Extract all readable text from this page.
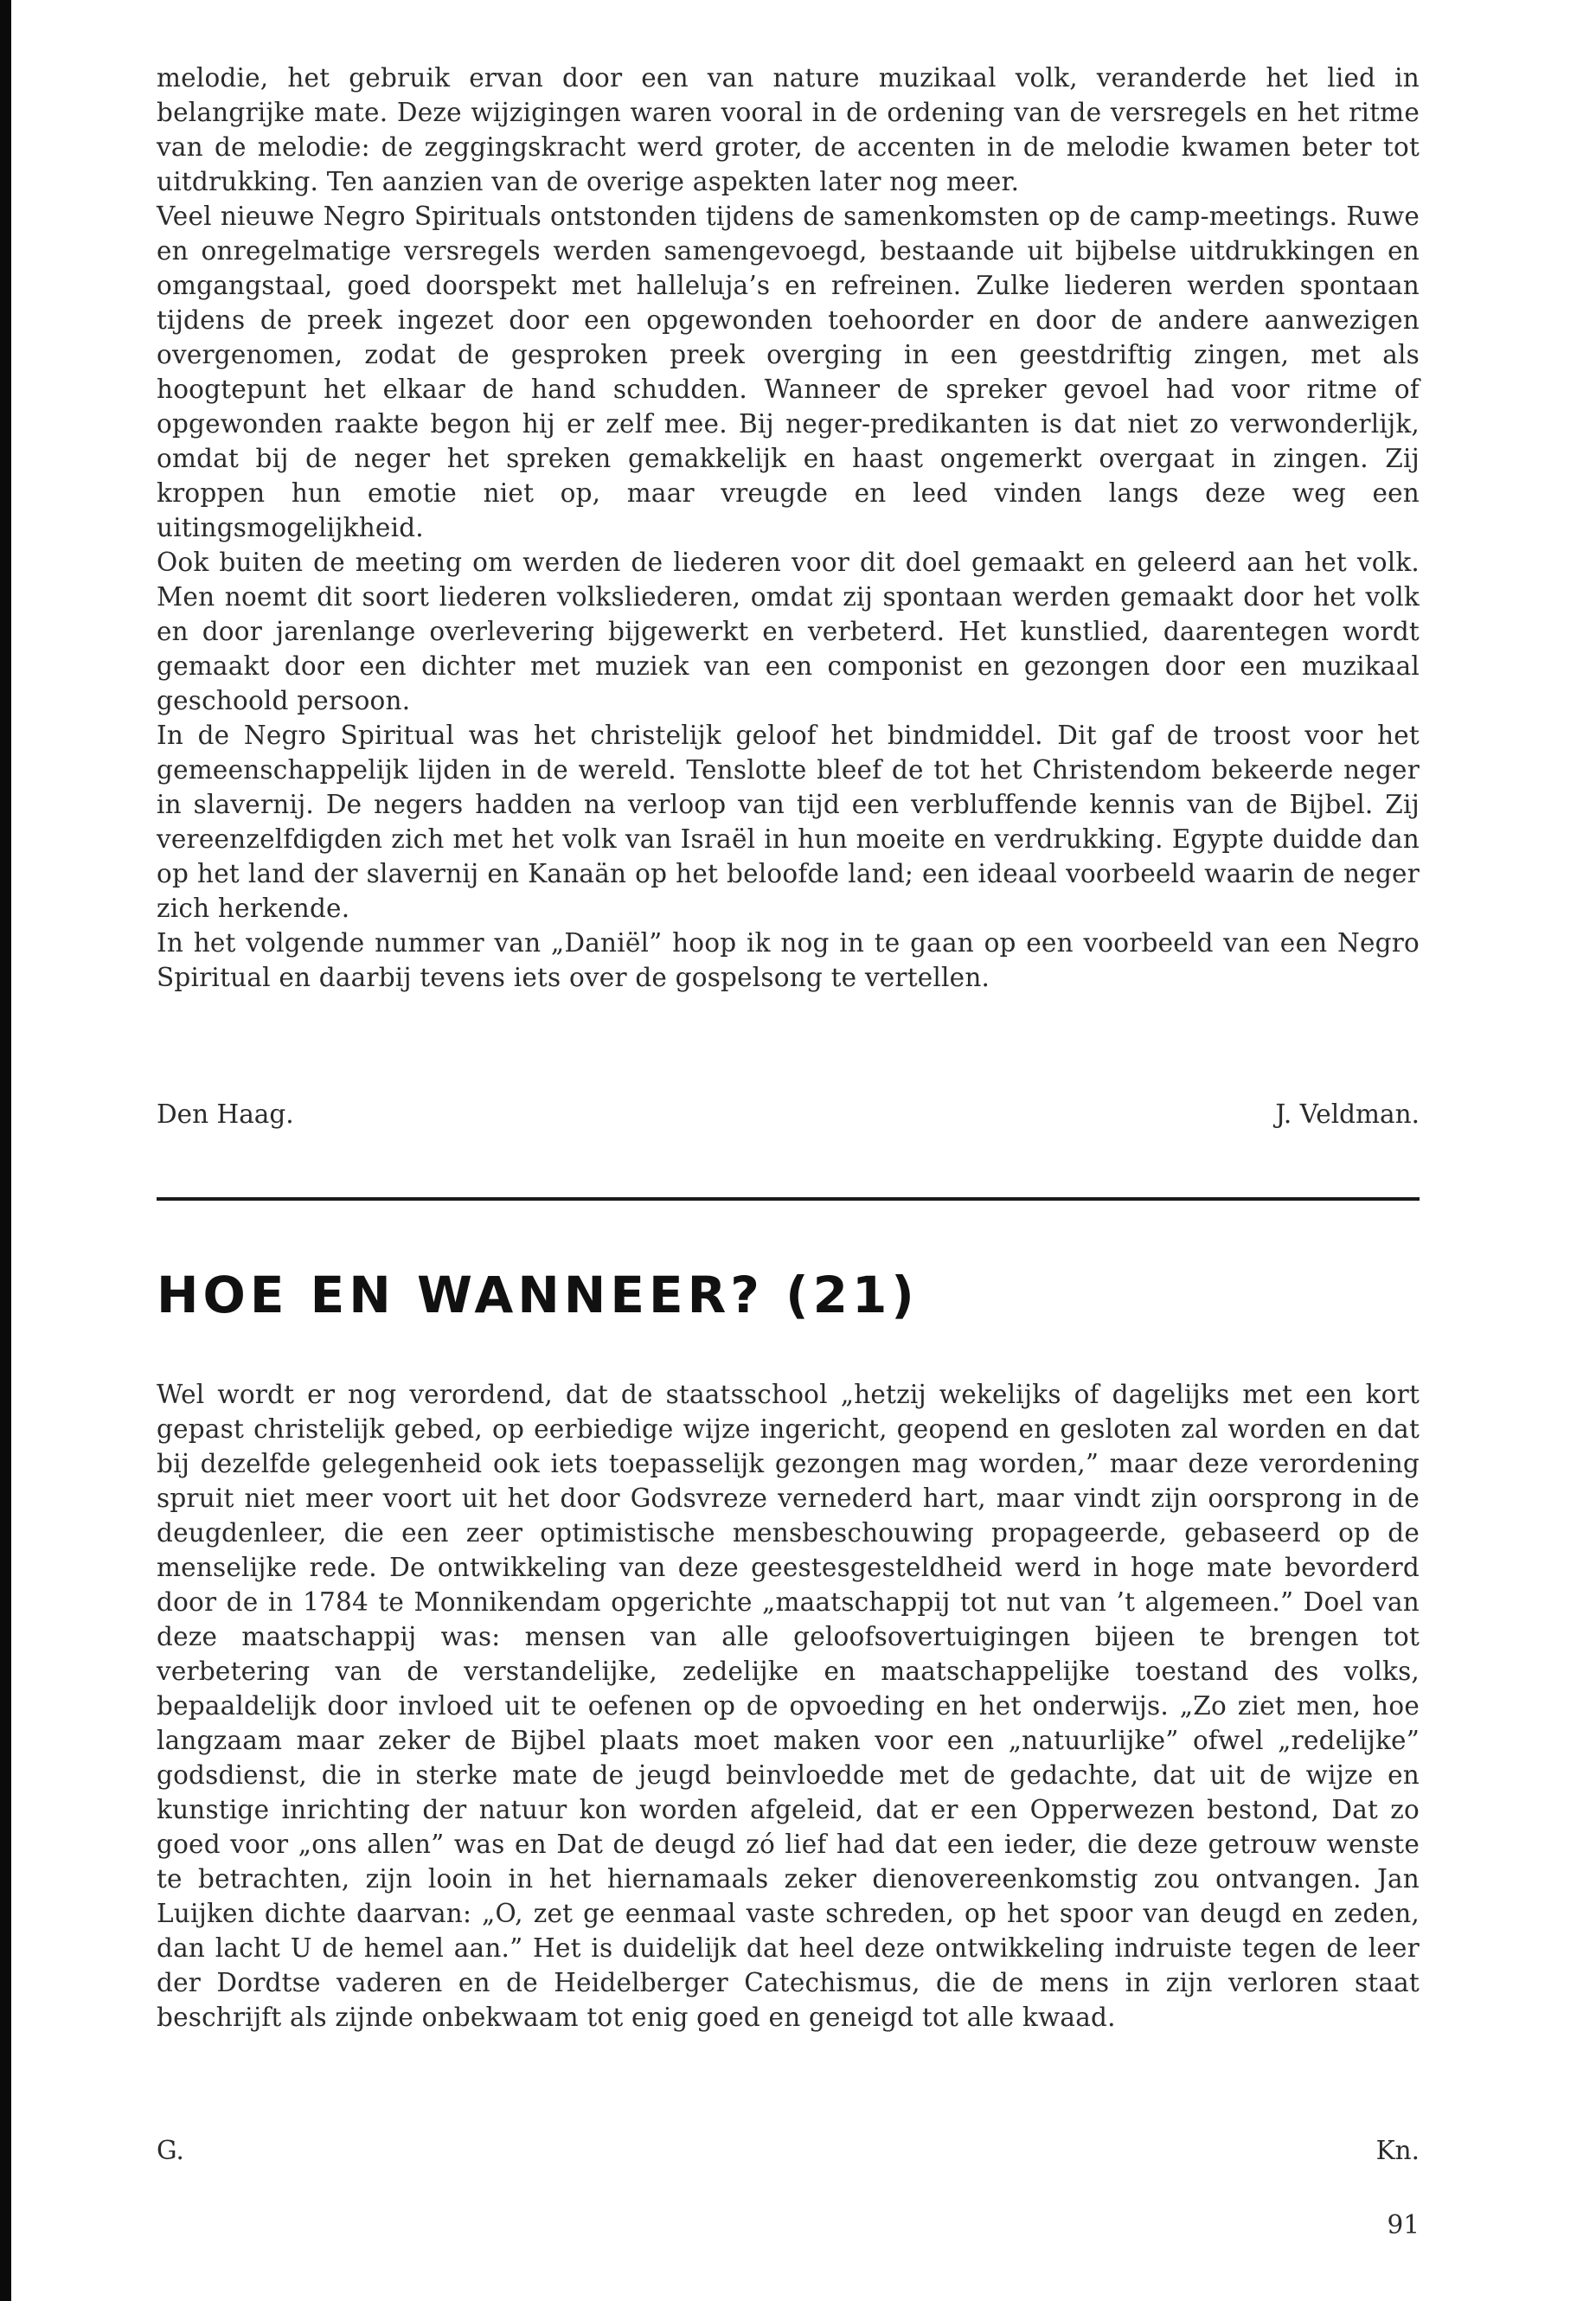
melodie, het gebruik ervan door een van nature muzikaal volk, veranderde het lied in belangrijke mate. Deze wijzigingen waren vooral in de ordening van de versregels en het ritme van de melodie: de zeggingskracht werd groter, de accenten in de melodie kwamen beter tot uitdrukking. Ten aanzien van de overige aspekten later nog meer.

Veel nieuwe Negro Spirituals ontstonden tijdens de samenkomsten op de camp-meetings. Ruwe en onregelmatige versregels werden samengevoegd, bestaande uit bijbelse uitdrukkingen en omgangstaal, goed doorspekt met halleluja’s en refreinen. Zulke liederen werden spontaan tijdens de preek ingezet door een opgewonden toehoorder en door de andere aanwezigen overgenomen, zodat de gesproken preek overging in een geestdriftig zingen, met als hoogtepunt het elkaar de hand schudden. Wanneer de spreker gevoel had voor ritme of opgewonden raakte begon hij er zelf mee. Bij neger-predikanten is dat niet zo verwonderlijk, omdat bij de neger het spreken gemakkelijk en haast ongemerkt overgaat in zingen. Zij kroppen hun emotie niet op, maar vreugde en leed vinden langs deze weg een uitingsmogelijkheid.

Ook buiten de meeting om werden de liederen voor dit doel gemaakt en geleerd aan het volk. Men noemt dit soort liederen volksliederen, omdat zij spontaan werden gemaakt door het volk en door jarenlange overlevering bijgewerkt en verbeterd. Het kunstlied, daarentegen wordt gemaakt door een dichter met muziek van een componist en gezongen door een muzikaal geschoold persoon.

In de Negro Spiritual was het christelijk geloof het bindmiddel. Dit gaf de troost voor het gemeenschappelijk lijden in de wereld. Tenslotte bleef de tot het Christendom bekeerde neger in slavernij. De negers hadden na verloop van tijd een verbluffende kennis van de Bijbel. Zij vereenzelfdigden zich met het volk van Israël in hun moeite en verdrukking. Egypte duidde dan op het land der slavernij en Kanaän op het beloofde land; een ideaal voorbeeld waarin de neger zich herkende.

In het volgende nummer van „Daniël” hoop ik nog in te gaan op een voorbeeld van een Negro Spiritual en daarbij tevens iets over de gospelsong te vertellen.

Den Haag.	J. Veldman.
HOE EN WANNEER? (21)

Wel wordt er nog verordend, dat de staatsschool „hetzij wekelijks of dagelijks met een kort gepast christelijk gebed, op eerbiedige wijze ingericht, geopend en gesloten zal worden en dat bij dezelfde gelegenheid ook iets toepasselijk gezongen mag worden,” maar deze verordening spruit niet meer voort uit het door Godsvreze vernederd hart, maar vindt zijn oorsprong in de deugdenleer, die een zeer optimistische mensbeschouwing propageerde, gebaseerd op de menselijke rede. De ontwikkeling van deze geestesgesteldheid werd in hoge mate bevorderd door de in 1784 te Monnikendam opgerichte „maatschappij tot nut van ’t algemeen.” Doel van deze maatschappij was: mensen van alle geloofsovertuigingen bijeen te brengen tot verbetering van de verstandelijke, zedelijke en maatschappelijke toestand des volks, bepaaldelijk door invloed uit te oefenen op de opvoeding en het onderwijs. „Zo ziet men, hoe langzaam maar zeker de Bijbel plaats moet maken voor een „natuurlijke” ofwel „redelijke” godsdienst, die in sterke mate de jeugd beinvloedde met de gedachte, dat uit de wijze en kunstige inrichting der natuur kon worden afgeleid, dat er een Opperwezen bestond, Dat zo goed voor „ons allen” was en Dat de deugd zó lief had dat een ieder, die deze getrouw wenste te betrachten, zijn looin in het hiernamaals zeker dienovereenkomstig zou ontvangen. Jan Luijken dichte daarvan: „O, zet ge eenmaal vaste schreden, op het spoor van deugd en zeden, dan lacht U de hemel aan.” Het is duidelijk dat heel deze ontwikkeling indruiste tegen de leer der Dordtse vaderen en de Heidelberger Catechismus, die de mens in zijn verloren staat beschrijft als zijnde onbekwaam tot enig goed en geneigd tot alle kwaad.

G.	Kn.
91
